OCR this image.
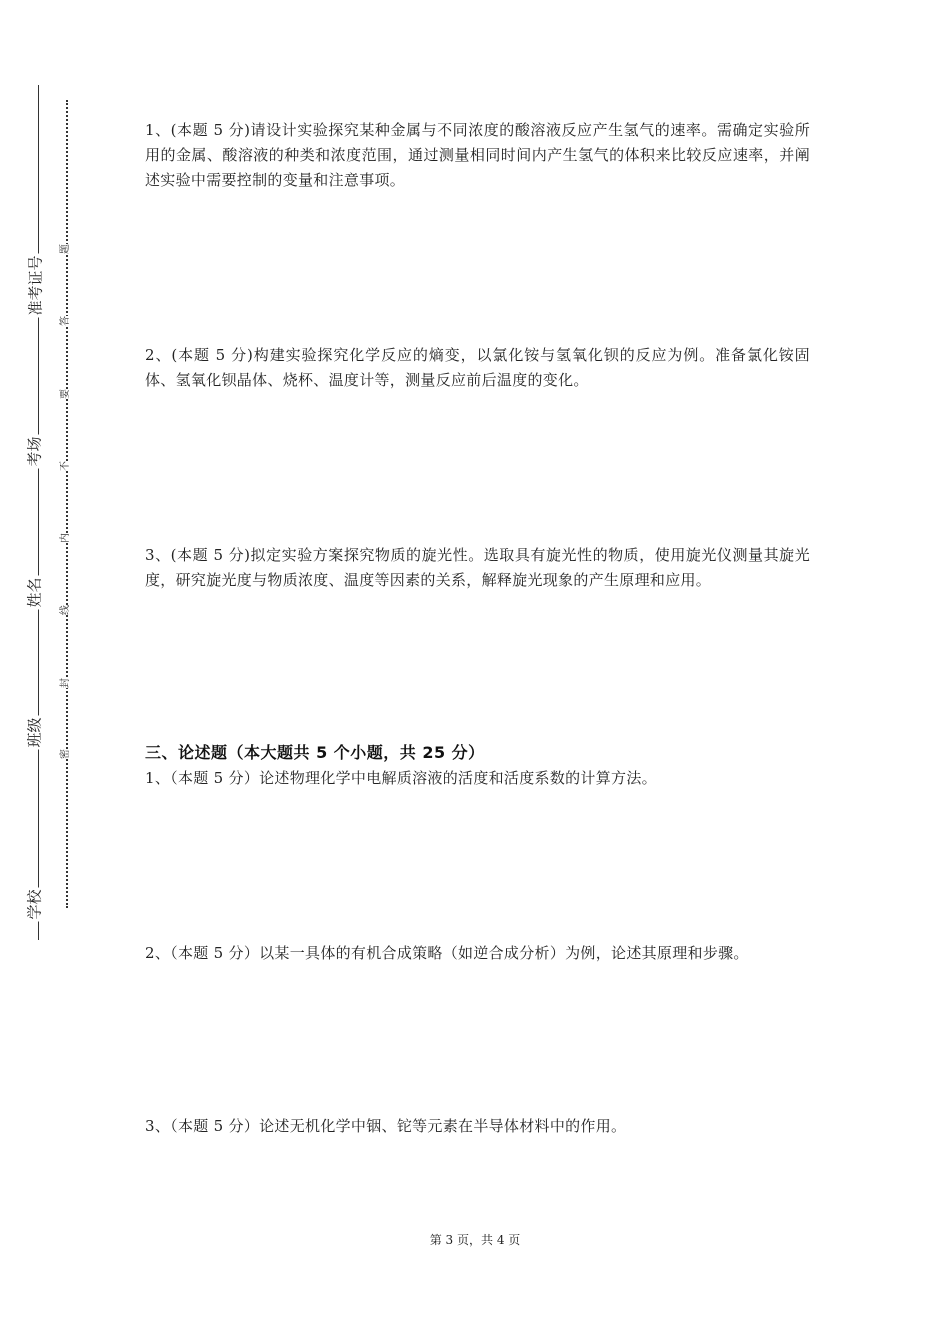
准考证号
考场
姓名
班级
学校
题
答
要
不
内
线
封
密
1、(本题 5 分)请设计实验探究某种金属与不同浓度的酸溶液反应产生氢气的速率。需确定实验所用的金属、酸溶液的种类和浓度范围，通过测量相同时间内产生氢气的体积来比较反应速率，并阐述实验中需要控制的变量和注意事项。
2、(本题 5 分)构建实验探究化学反应的熵变，以氯化铵与氢氧化钡的反应为例。准备氯化铵固体、氢氧化钡晶体、烧杯、温度计等，测量反应前后温度的变化。
3、(本题 5 分)拟定实验方案探究物质的旋光性。选取具有旋光性的物质，使用旋光仪测量其旋光度，研究旋光度与物质浓度、温度等因素的关系，解释旋光现象的产生原理和应用。
三、论述题（本大题共 5 个小题，共 25 分）
1、（本题 5 分）论述物理化学中电解质溶液的活度和活度系数的计算方法。
2、（本题 5 分）以某一具体的有机合成策略（如逆合成分析）为例，论述其原理和步骤。
3、（本题 5 分）论述无机化学中铟、铊等元素在半导体材料中的作用。
第 3 页，共 4 页
